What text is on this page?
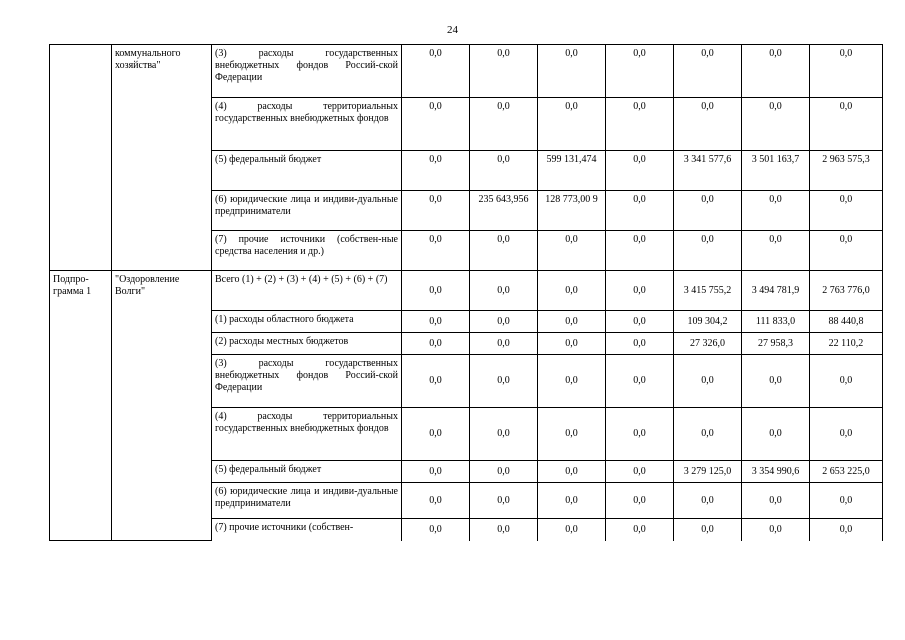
24
	коммунального хозяйства"	(3) расходы государственных внебюджетных фондов Россий-ской Федерации	0,0	0,0	0,0	0,0	0,0	0,0	0,0
		(4) расходы территориальных государственных внебюджетных фондов	0,0	0,0	0,0	0,0	0,0	0,0	0,0
		(5) федеральный бюджет	0,0	0,0	599 131,474	0,0	3 341 577,6	3 501 163,7	2 963 575,3
		(6) юридические лица и индиви-дуальные предприниматели	0,0	235 643,956	128 773,00 9	0,0	0,0	0,0	0,0
		(7) прочие источники (собствен-ные средства населения и др.)	0,0	0,0	0,0	0,0	0,0	0,0	0,0
Подпро-грамма 1	"Оздоровление Волги"	Всего (1) + (2) + (3) + (4) + (5) + (6) + (7)	0,0	0,0	0,0	0,0	3 415 755,2	3 494 781,9	2 763 776,0
		(1) расходы областного бюджета	0,0	0,0	0,0	0,0	109 304,2	111 833,0	88 440,8
		(2) расходы местных бюджетов	0,0	0,0	0,0	0,0	27 326,0	27 958,3	22 110,2
		(3) расходы государственных внебюджетных фондов Россий-ской Федерации	0,0	0,0	0,0	0,0	0,0	0,0	0,0
		(4) расходы территориальных государственных внебюджетных фондов	0,0	0,0	0,0	0,0	0,0	0,0	0,0
		(5) федеральный бюджет	0,0	0,0	0,0	0,0	3 279 125,0	3 354 990,6	2 653 225,0
		(6) юридические лица и индиви-дуальные предприниматели	0,0	0,0	0,0	0,0	0,0	0,0	0,0
		(7) прочие источники (собствен-	0,0	0,0	0,0	0,0	0,0	0,0	0,0
